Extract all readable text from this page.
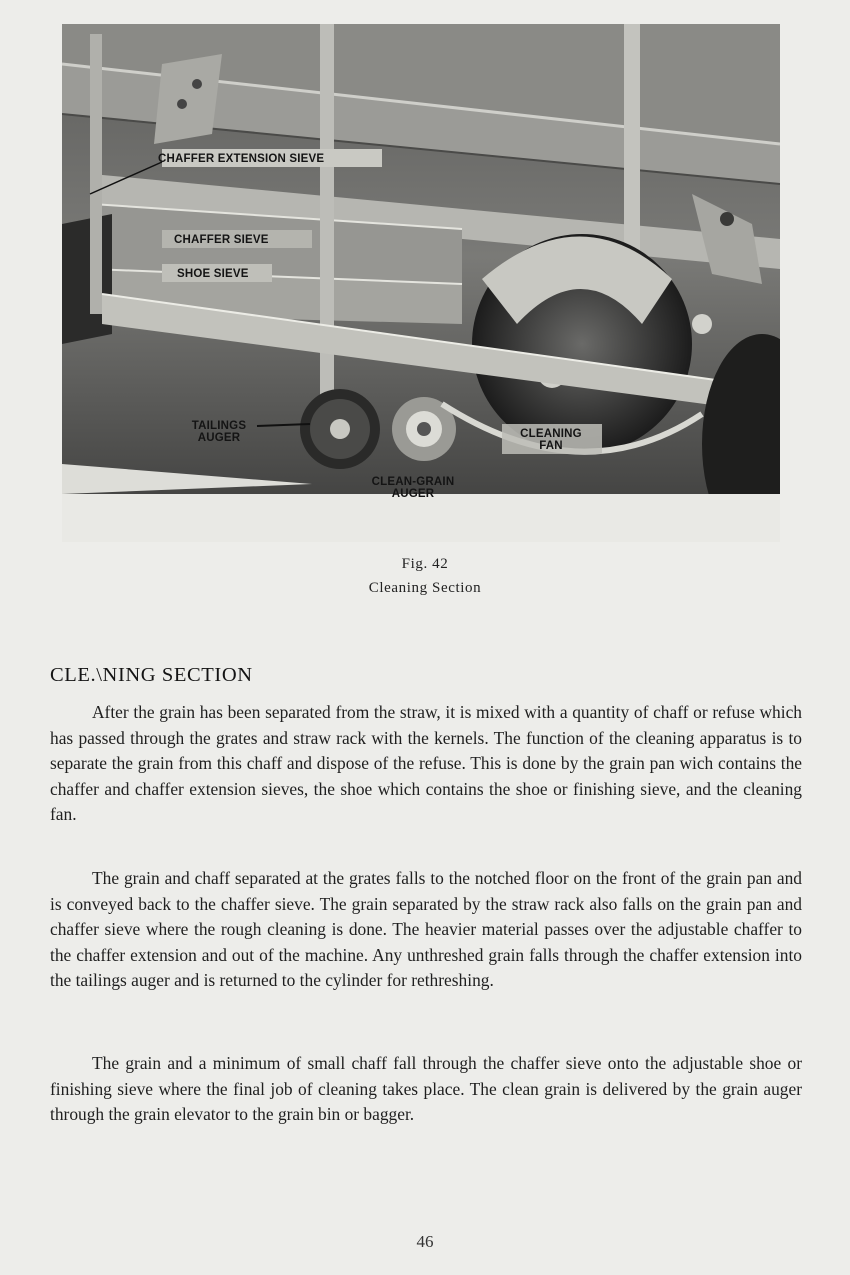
CHAFFER EXTENSION SIEVE
CHAFFER SIEVE
SHOE SIEVE
TAILINGS
AUGER	CLEANING
FAN
CLEAN-GRAIN
AUGER
Fig. 42
Cleaning Section
CLE.\NING SECTION

After the grain has been separated from the straw, it is mixed with a quantity of chaff or refuse which has passed through the grates and straw rack with the kernels. The function of the cleaning apparatus is to separate the grain from this chaff and dispose of the refuse. This is done by the grain pan wich contains the chaffer and chaffer extension sieves, the shoe which contains the shoe or finishing sieve, and the cleaning fan.

The grain and chaff separated at the grates falls to the notched floor on the front of the grain pan and is conveyed back to the chaffer sieve. The grain separated by the straw rack also falls on the grain pan and chaffer sieve where the rough cleaning is done. The heavier material passes over the adjustable chaffer to the chaffer extension and out of the machine. Any unthreshed grain falls through the chaffer extension into the tailings auger and is returned to the cylinder for rethreshing.

The grain and a minimum of small chaff fall through the chaffer sieve onto the adjustable shoe or finishing sieve where the final job of cleaning takes place. The clean grain is delivered by the grain auger through the grain elevator to the grain bin or bagger.

46
